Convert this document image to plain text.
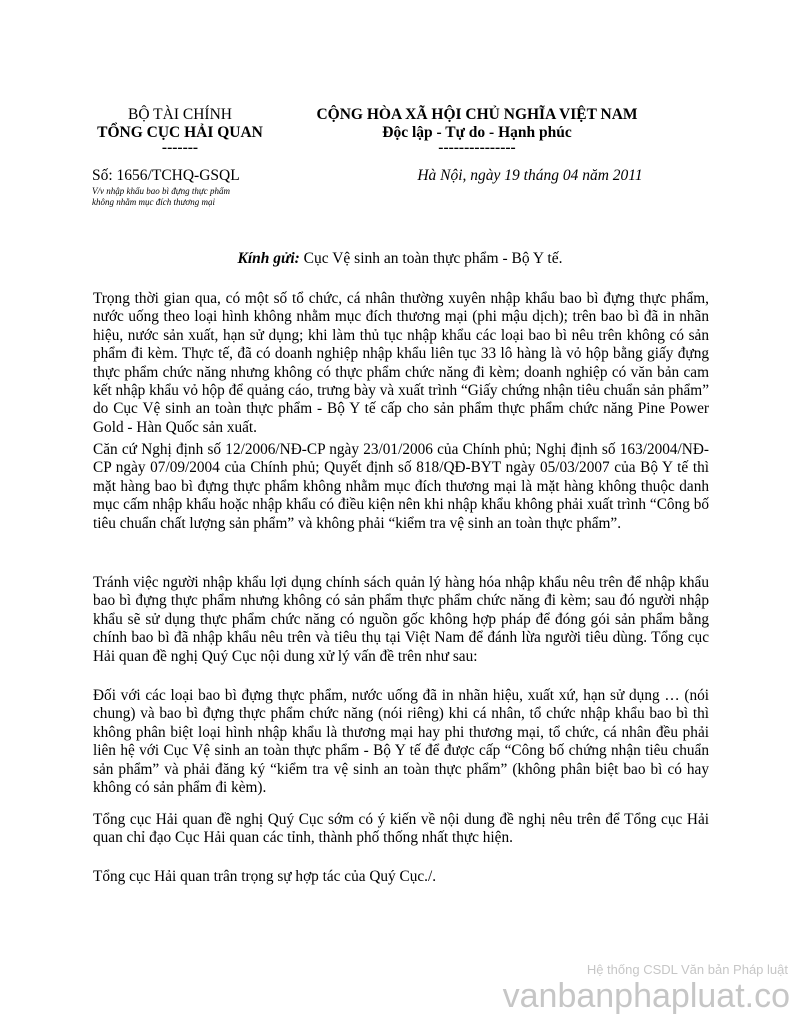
BỘ TÀI CHÍNH
TỔNG CỤC HẢI QUAN
-------
CỘNG HÒA XÃ HỘI CHỦ NGHĨA VIỆT NAM
Độc lập - Tự do - Hạnh phúc
---------------
Số: 1656/TCHQ-GSQL
V/v nhập khẩu bao bì đựng thực phẩm
không nhằm mục đích thương mại
Hà Nội, ngày 19 tháng 04 năm 2011
Kính gửi: Cục Vệ sinh an toàn thực phẩm - Bộ Y tế.
Trọng thời gian qua, có một số tổ chức, cá nhân thường xuyên nhập khẩu bao bì đựng thực phẩm, nước uống theo loại hình không nhằm mục đích thương mại (phi mậu dịch); trên bao bì đã in nhãn hiệu, nước sản xuất, hạn sử dụng; khi làm thủ tục nhập khẩu các loại bao bì nêu trên không có sản phẩm đi kèm. Thực tế, đã có doanh nghiệp nhập khẩu liên tục 33 lô hàng là vỏ hộp bằng giấy đựng thực phẩm chức năng nhưng không có thực phẩm chức năng đi kèm; doanh nghiệp có văn bản cam kết nhập khẩu vỏ hộp để quảng cáo, trưng bày và xuất trình “Giấy chứng nhận tiêu chuẩn sản phẩm” do Cục Vệ sinh an toàn thực phẩm - Bộ Y tế cấp cho sản phẩm thực phẩm chức năng Pine Power Gold - Hàn Quốc sản xuất.
Căn cứ Nghị định số 12/2006/NĐ-CP ngày 23/01/2006 của Chính phủ; Nghị định số 163/2004/NĐ-CP ngày 07/09/2004 của Chính phủ; Quyết định số 818/QĐ-BYT ngày 05/03/2007 của Bộ Y tế thì mặt hàng bao bì đựng thực phẩm không nhằm mục đích thương mại là mặt hàng không thuộc danh mục cấm nhập khẩu hoặc nhập khẩu có điều kiện nên khi nhập khẩu không phải xuất trình “Công bố tiêu chuẩn chất lượng sản phẩm” và không phải “kiểm tra vệ sinh an toàn thực phẩm”.
Tránh việc người nhập khẩu lợi dụng chính sách quản lý hàng hóa nhập khẩu nêu trên để nhập khẩu bao bì đựng thực phẩm nhưng không có sản phẩm thực phẩm chức năng đi kèm; sau đó người nhập khẩu sẽ sử dụng thực phẩm chức năng có nguồn gốc không hợp pháp để đóng gói sản phẩm bằng chính bao bì đã nhập khẩu nêu trên và tiêu thụ tại Việt Nam để đánh lừa người tiêu dùng. Tổng cục Hải quan đề nghị Quý Cục nội dung xử lý vấn đề trên như sau:
Đối với các loại bao bì đựng thực phẩm, nước uống đã in nhãn hiệu, xuất xứ, hạn sử dụng … (nói chung) và bao bì đựng thực phẩm chức năng (nói riêng) khi cá nhân, tổ chức nhập khẩu bao bì thì không phân biệt loại hình nhập khẩu là thương mại hay phi thương mại, tổ chức, cá nhân đều phải liên hệ với Cục Vệ sinh an toàn thực phẩm - Bộ Y tế để được cấp “Công bố chứng nhận tiêu chuẩn sản phẩm” và phải đăng ký “kiểm tra vệ sinh an toàn thực phẩm” (không phân biệt bao bì có hay không có sản phẩm đi kèm).
Tổng cục Hải quan đề nghị Quý Cục sớm có ý kiến về nội dung đề nghị nêu trên để Tổng cục Hải quan chỉ đạo Cục Hải quan các tỉnh, thành phố thống nhất thực hiện.
Tổng cục Hải quan trân trọng sự hợp tác của Quý Cục./.
Hệ thống CSDL Văn bản Pháp luật
vanbanphapluat.co
